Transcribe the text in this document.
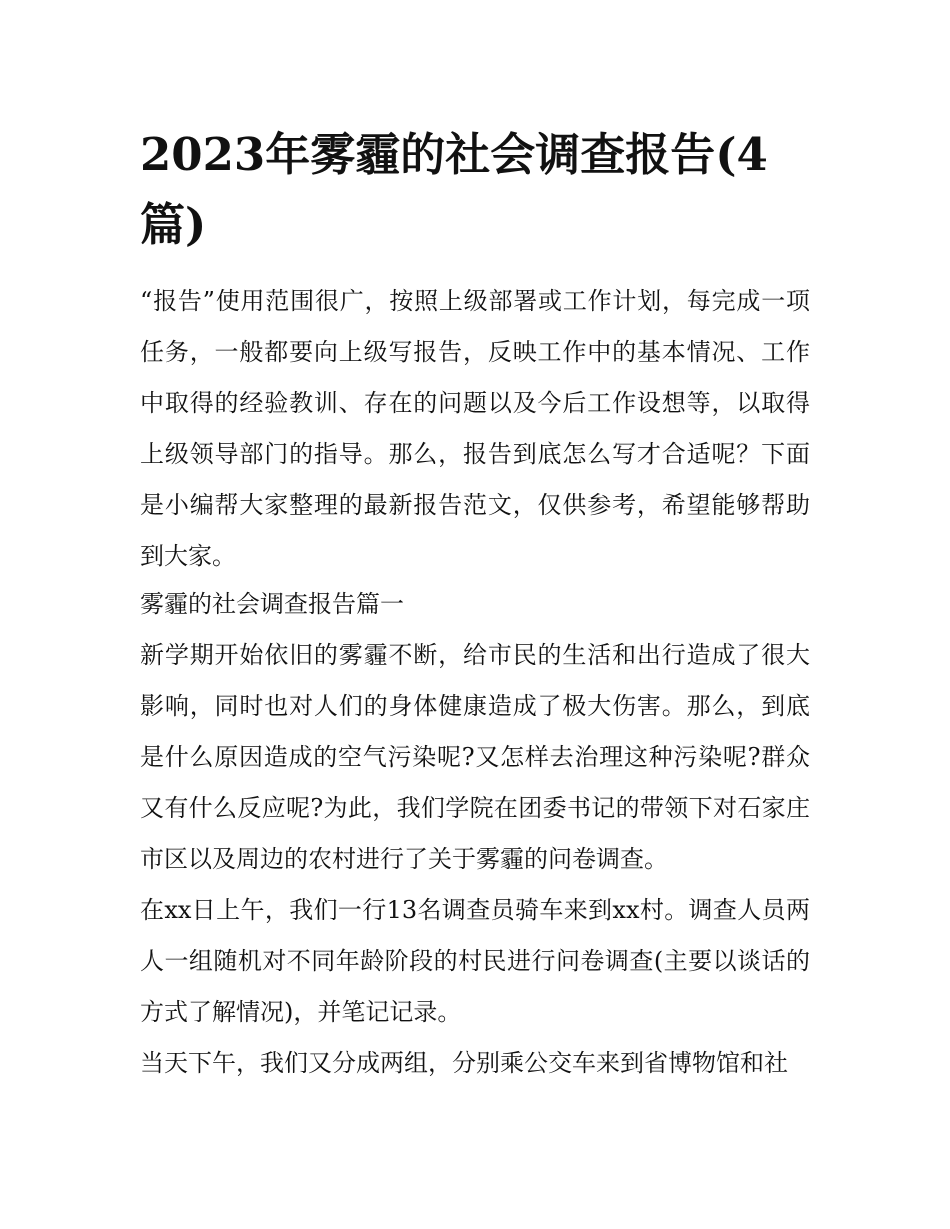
2023年雾霾的社会调查报告(4篇)

“报告”使用范围很广，按照上级部署或工作计划，每完成一项任务，一般都要向上级写报告，反映工作中的基本情况、工作中取得的经验教训、存在的问题以及今后工作设想等，以取得上级领导部门的指导。那么，报告到底怎么写才合适呢？下面是小编帮大家整理的最新报告范文，仅供参考，希望能够帮助到大家。

雾霾的社会调查报告篇一

新学期开始依旧的雾霾不断，给市民的生活和出行造成了很大影响，同时也对人们的身体健康造成了极大伤害。那么，到底是什么原因造成的空气污染呢?又怎样去治理这种污染呢?群众又有什么反应呢?为此，我们学院在团委书记的带领下对石家庄市区以及周边的农村进行了关于雾霾的问卷调查。

在xx日上午，我们一行13名调查员骑车来到xx村。调查人员两人一组随机对不同年龄阶段的村民进行问卷调查(主要以谈话的方式了解情况)，并笔记记录。

当天下午，我们又分成两组，分别乘公交车来到省博物馆和社
